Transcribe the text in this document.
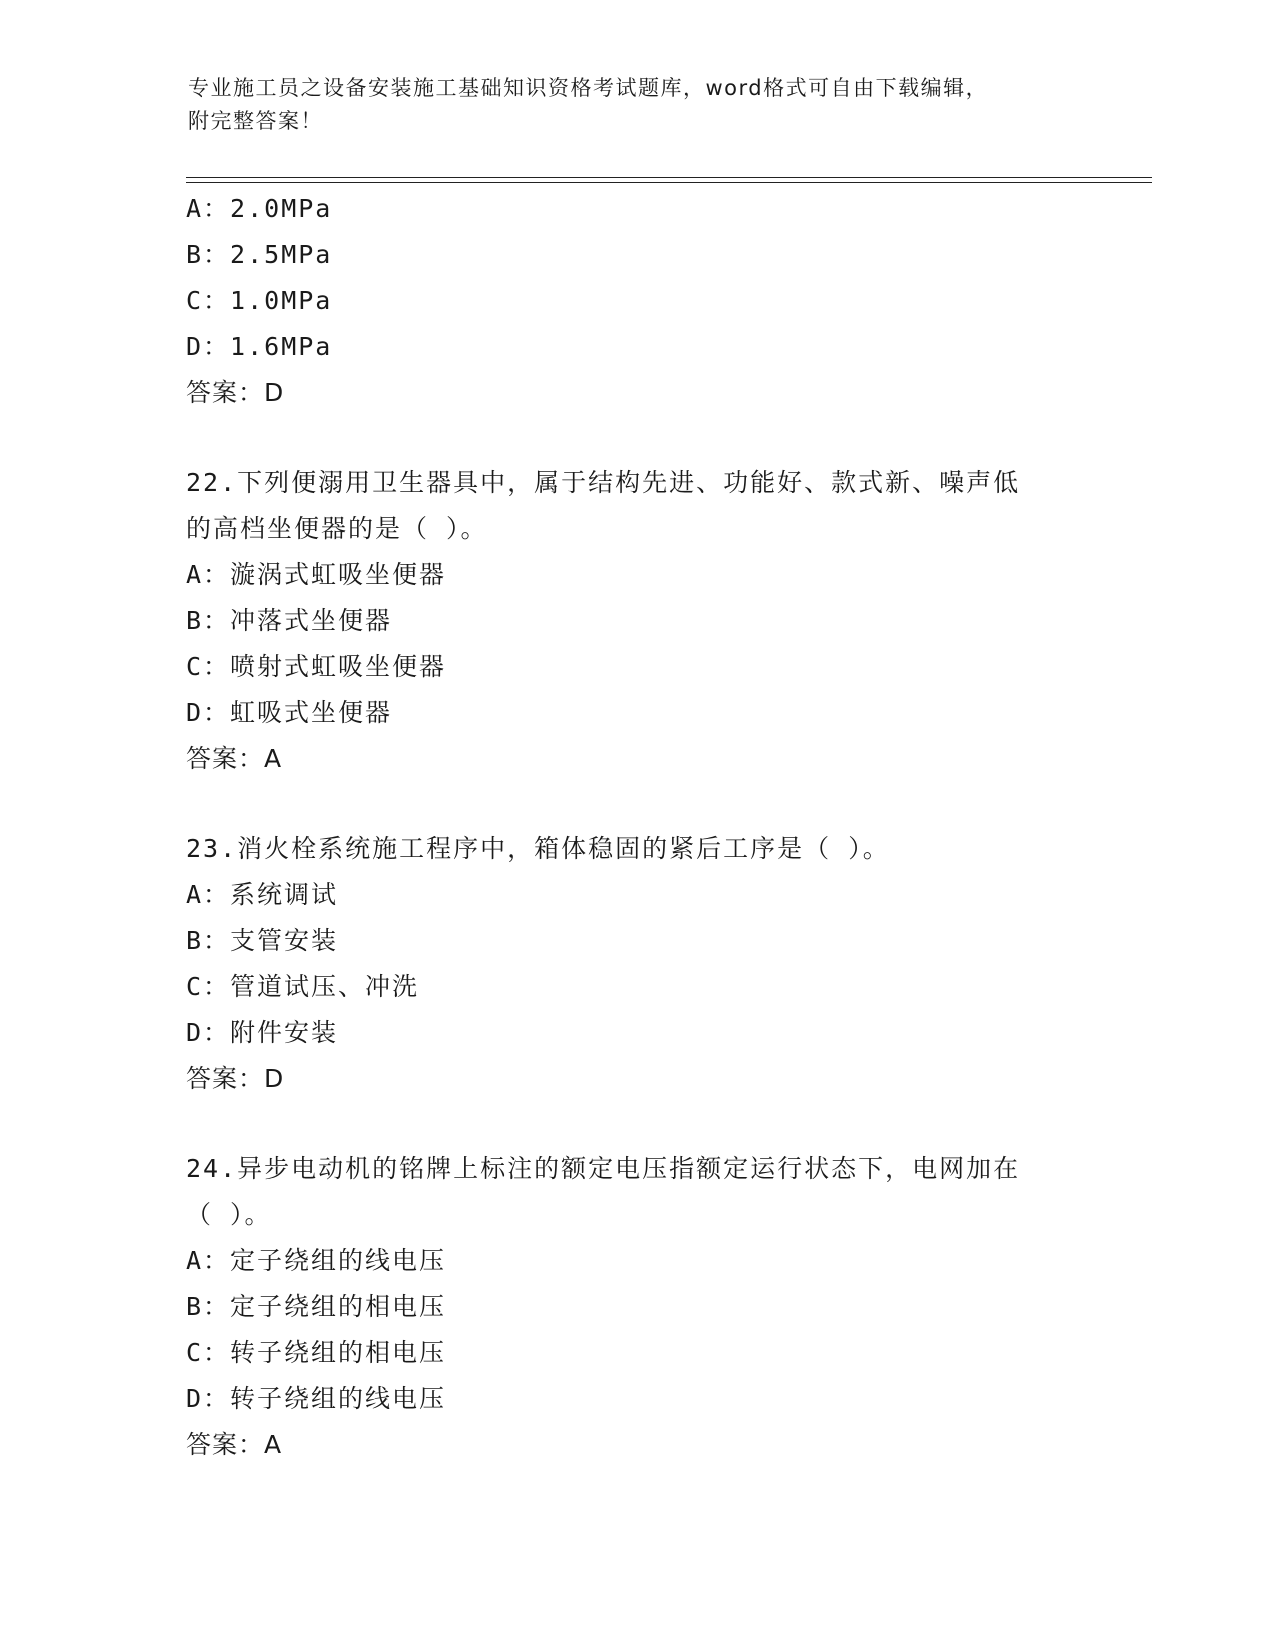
专业施工员之设备安装施工基础知识资格考试题库，word格式可自由下载编辑，
附完整答案！
A：2.0MPa
B：2.5MPa
C：1.0MPa
D：1.6MPa
答案：D
22.下列便溺用卫生器具中，属于结构先进、功能好、款式新、噪声低
的高档坐便器的是（ ）。
A：漩涡式虹吸坐便器
B：冲落式坐便器
C：喷射式虹吸坐便器
D：虹吸式坐便器
答案：A
23.消火栓系统施工程序中，箱体稳固的紧后工序是（ ）。
A：系统调试
B：支管安装
C：管道试压、冲洗
D：附件安装
答案：D
24.异步电动机的铭牌上标注的额定电压指额定运行状态下，电网加在
（ ）。
A：定子绕组的线电压
B：定子绕组的相电压
C：转子绕组的相电压
D：转子绕组的线电压
答案：A
